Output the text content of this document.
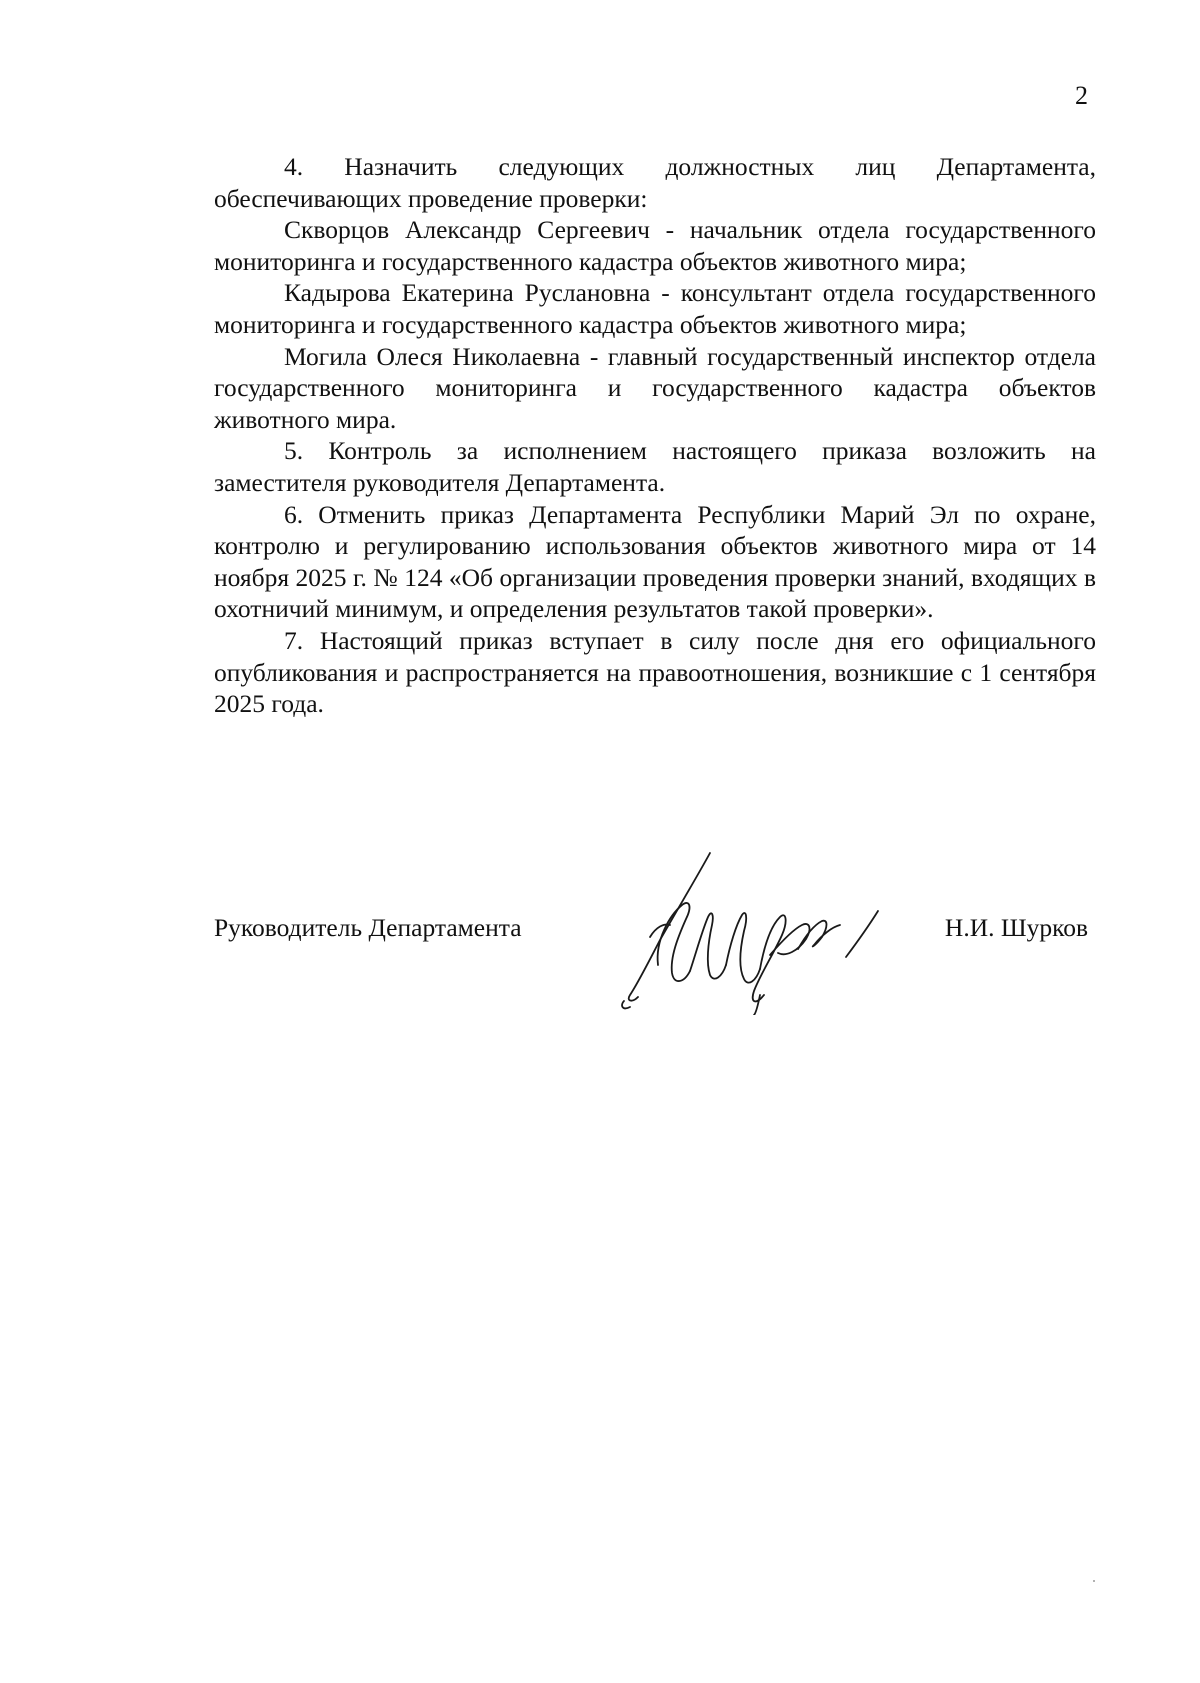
2

4. Назначить следующих должностных лиц Департамента, обеспечивающих проведение проверки:

Скворцов Александр Сергеевич - начальник отдела государственного мониторинга и государственного кадастра объектов животного мира;

Кадырова Екатерина Руслановна - консультант отдела государственного мониторинга и государственного кадастра объектов животного мира;

Могила Олеся Николаевна - главный государственный инспектор отдела государственного мониторинга и государственного кадастра объектов животного мира.

5. Контроль за исполнением настоящего приказа возложить на заместителя руководителя Департамента.

6. Отменить приказ Департамента Республики Марий Эл по охране, контролю и регулированию использования объектов животного мира от 14 ноября 2025 г. № 124 «Об организации проведения проверки знаний, входящих в охотничий минимум, и определения результатов такой проверки».

7. Настоящий приказ вступает в силу после дня его официального опубликования и распространяется на правоотношения, возникшие с 1 сентября 2025 года.

Руководитель Департамента	Н.И. Шурков
